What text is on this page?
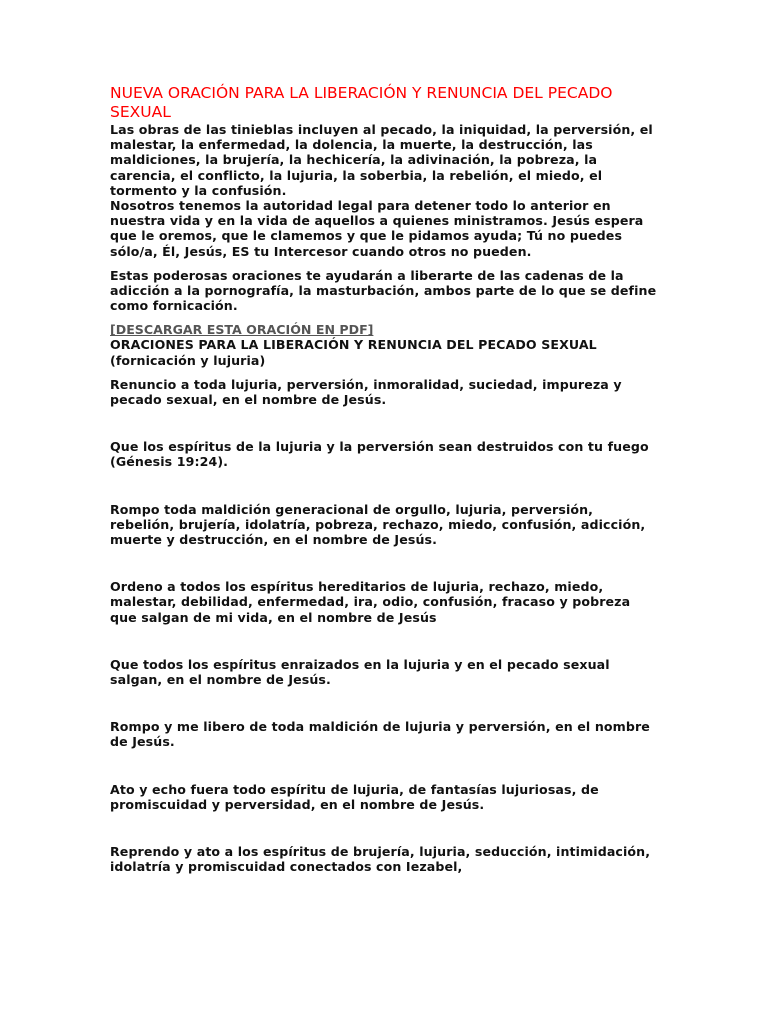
NUEVA ORACIÓN PARA LA LIBERACIÓN Y RENUNCIA DEL PECADO SEXUAL

Las obras de las tinieblas incluyen al pecado, la iniquidad, la perversión, el malestar, la enfermedad, la dolencia, la muerte, la destrucción, las maldiciones, la brujería, la hechicería, la adivinación, la pobreza, la carencia, el conflicto, la lujuria, la soberbia, la rebelión, el miedo, el tormento y la confusión.

Nosotros tenemos la autoridad legal para detener todo lo anterior en nuestra vida y en la vida de aquellos a quienes ministramos. Jesús espera que le oremos, que le clamemos y que le pidamos ayuda; Tú no puedes sólo/a, Él, Jesús, ES tu Intercesor cuando otros no pueden.

Estas poderosas oraciones te ayudarán a liberarte de las cadenas de la adicción a la pornografía, la masturbación, ambos parte de lo que se define como fornicación.

[DESCARGAR ESTA ORACIÓN EN PDF]

ORACIONES PARA LA LIBERACIÓN Y RENUNCIA DEL PECADO SEXUAL (fornicación y lujuria)

Renuncio a toda lujuria, perversión, inmoralidad, suciedad, impureza y pecado sexual, en el nombre de Jesús.

Que los espíritus de la lujuria y la perversión sean destruidos con tu fuego (Génesis 19:24).

Rompo toda maldición generacional de orgullo, lujuria, perversión, rebelión, brujería, idolatría, pobreza, rechazo, miedo, confusión, adicción, muerte y destrucción, en el nombre de Jesús.

Ordeno a todos los espíritus hereditarios de lujuria, rechazo, miedo, malestar, debilidad, enfermedad, ira, odio, confusión, fracaso y pobreza que salgan de mi vida, en el nombre de Jesús

Que todos los espíritus enraizados en la lujuria y en el pecado sexual salgan, en el nombre de Jesús.

Rompo y me libero de toda maldición de lujuria y perversión, en el nombre de Jesús.

Ato y echo fuera todo espíritu de lujuria, de fantasías lujuriosas, de promiscuidad y perversidad, en el nombre de Jesús.

Reprendo y ato a los espíritus de brujería, lujuria, seducción, intimidación, idolatría y promiscuidad conectados con Iezabel,
